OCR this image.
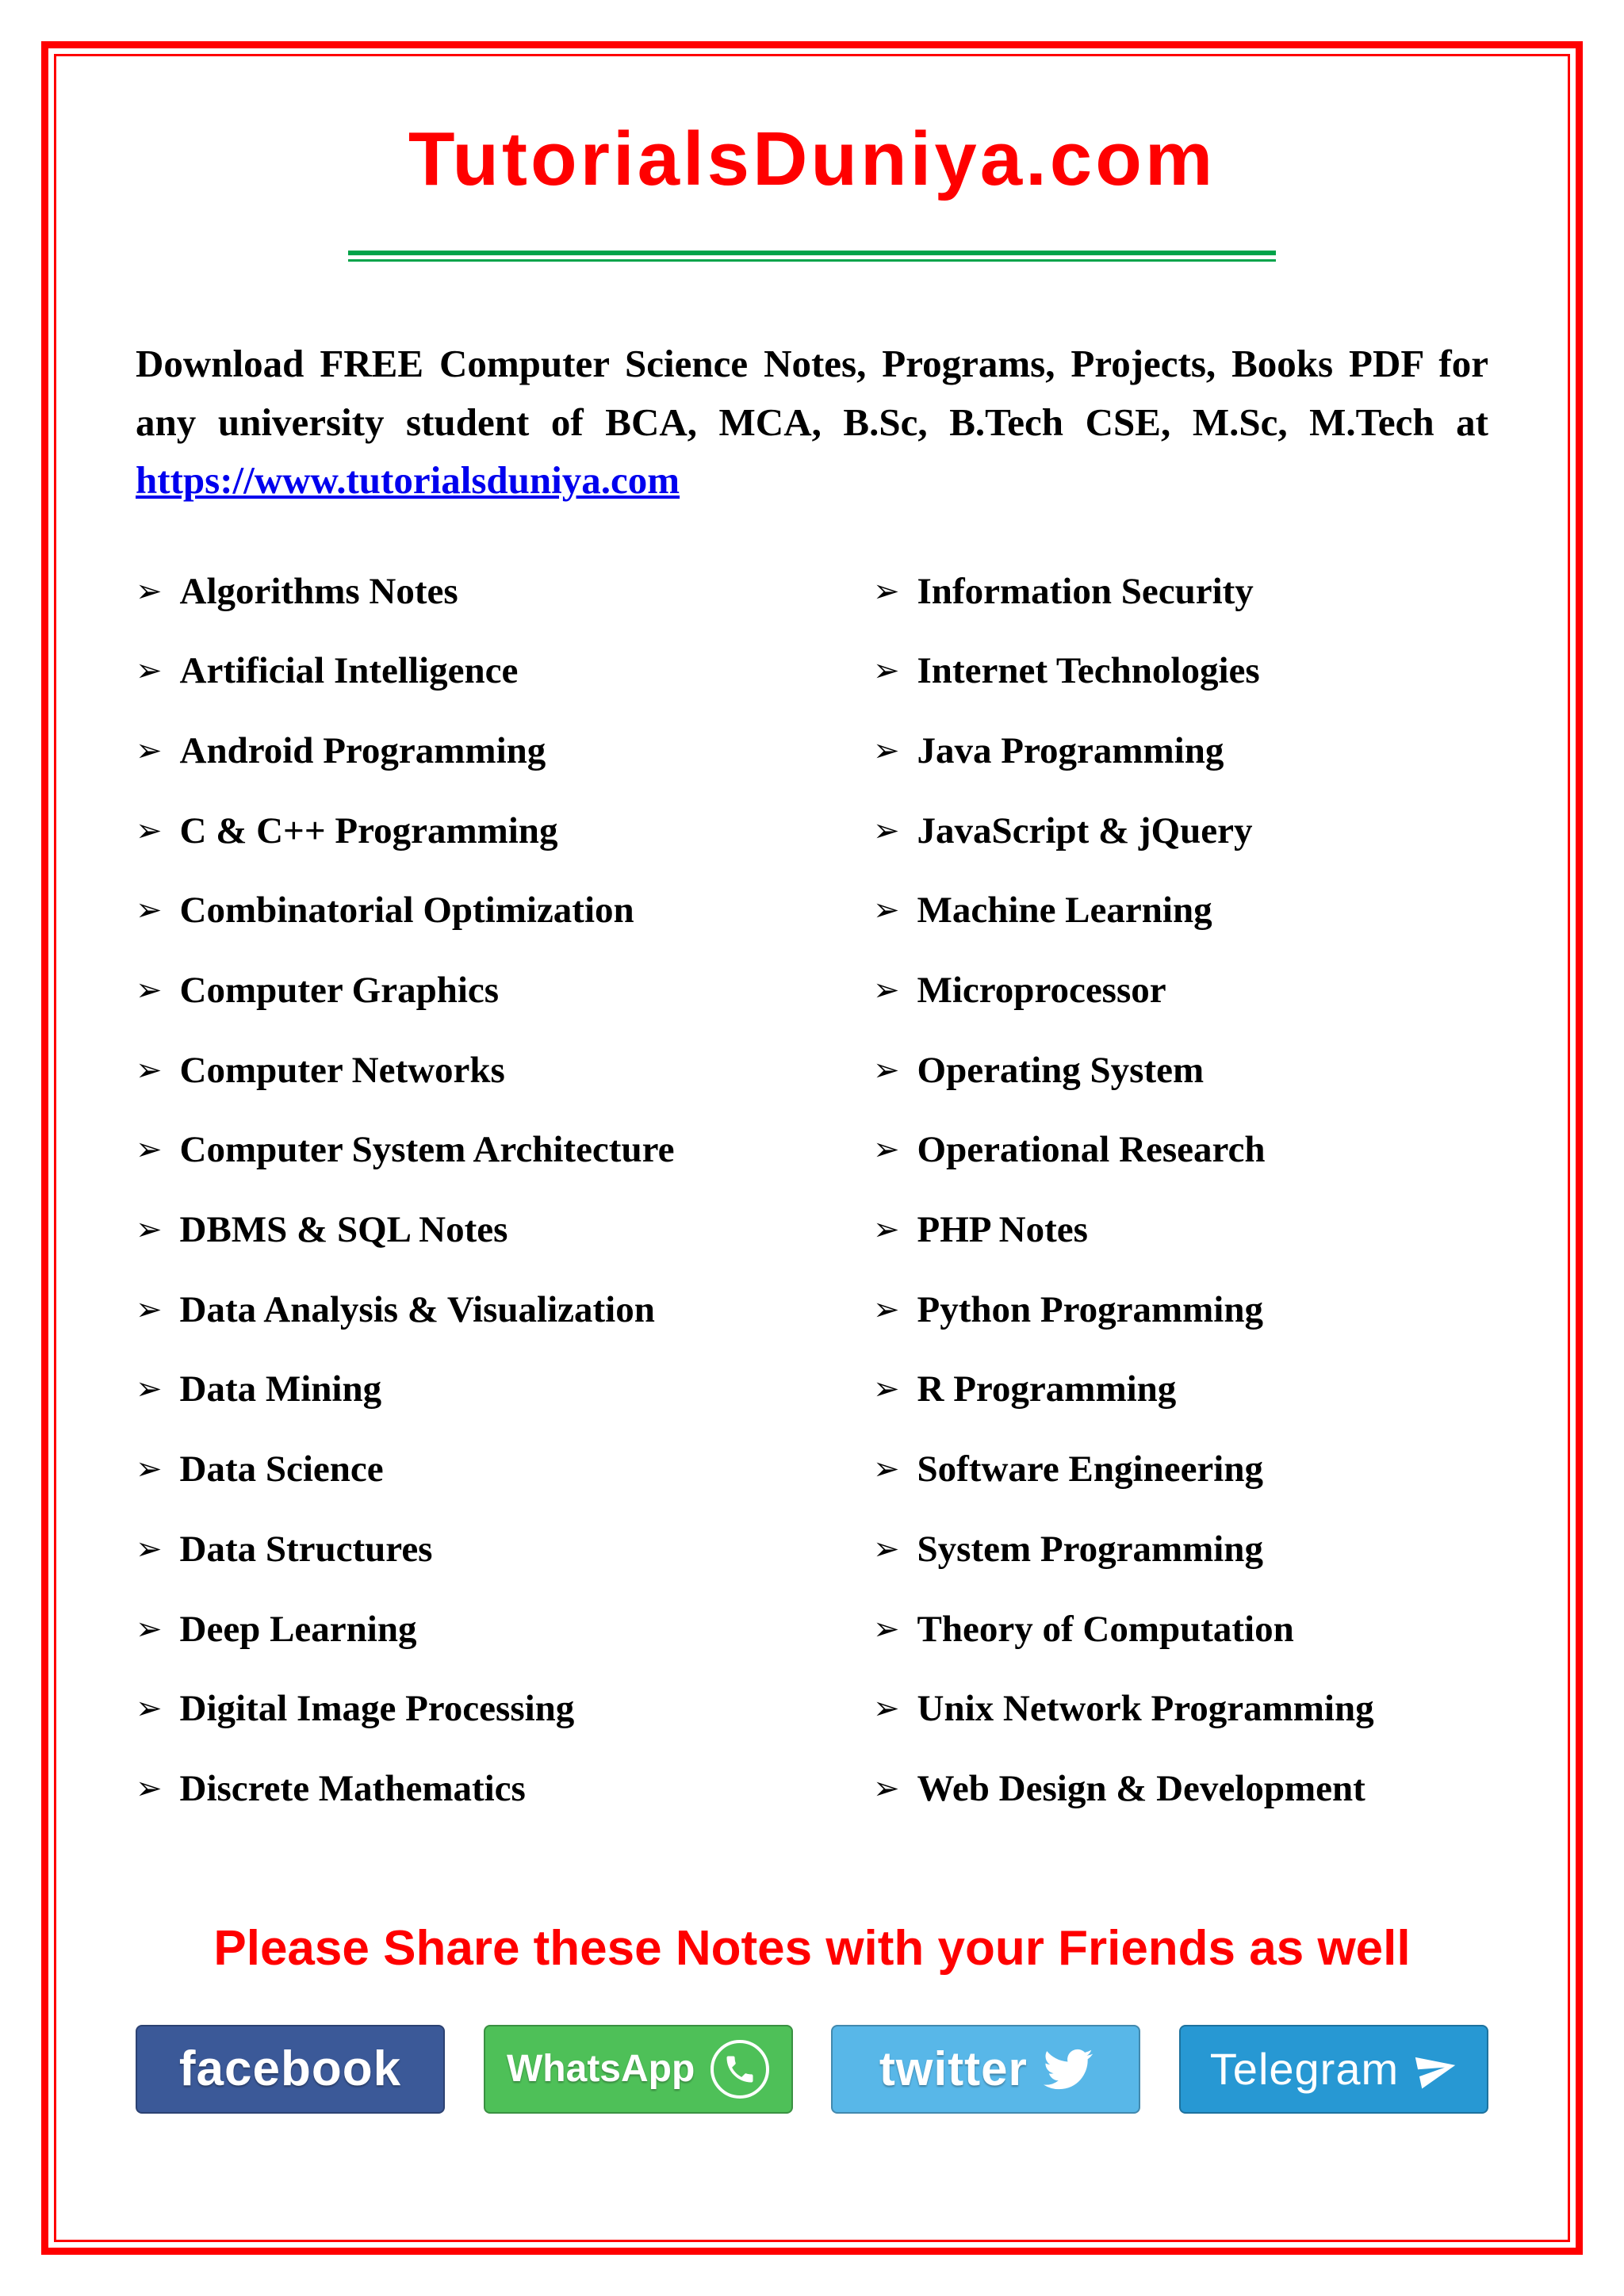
TutorialsDuniya.com

Download FREE Computer Science Notes, Programs, Projects, Books PDF for any university student of BCA, MCA, B.Sc, B.Tech CSE, M.Sc, M.Tech at https://www.tutorialsduniya.com

➢ Algorithms Notes
➢ Artificial Intelligence
➢ Android Programming
➢ C & C++ Programming
➢ Combinatorial Optimization
➢ Computer Graphics
➢ Computer Networks
➢ Computer System Architecture
➢ DBMS & SQL Notes
➢ Data Analysis & Visualization
➢ Data Mining
➢ Data Science
➢ Data Structures
➢ Deep Learning
➢ Digital Image Processing
➢ Discrete Mathematics
➢ Information Security
➢ Internet Technologies
➢ Java Programming
➢ JavaScript & jQuery
➢ Machine Learning
➢ Microprocessor
➢ Operating System
➢ Operational Research
➢ PHP Notes
➢ Python Programming
➢ R Programming
➢ Software Engineering
➢ System Programming
➢ Theory of Computation
➢ Unix Network Programming
➢ Web Design & Development
Please Share these Notes with your Friends as well
facebook	WhatsApp	twitter	Telegram
